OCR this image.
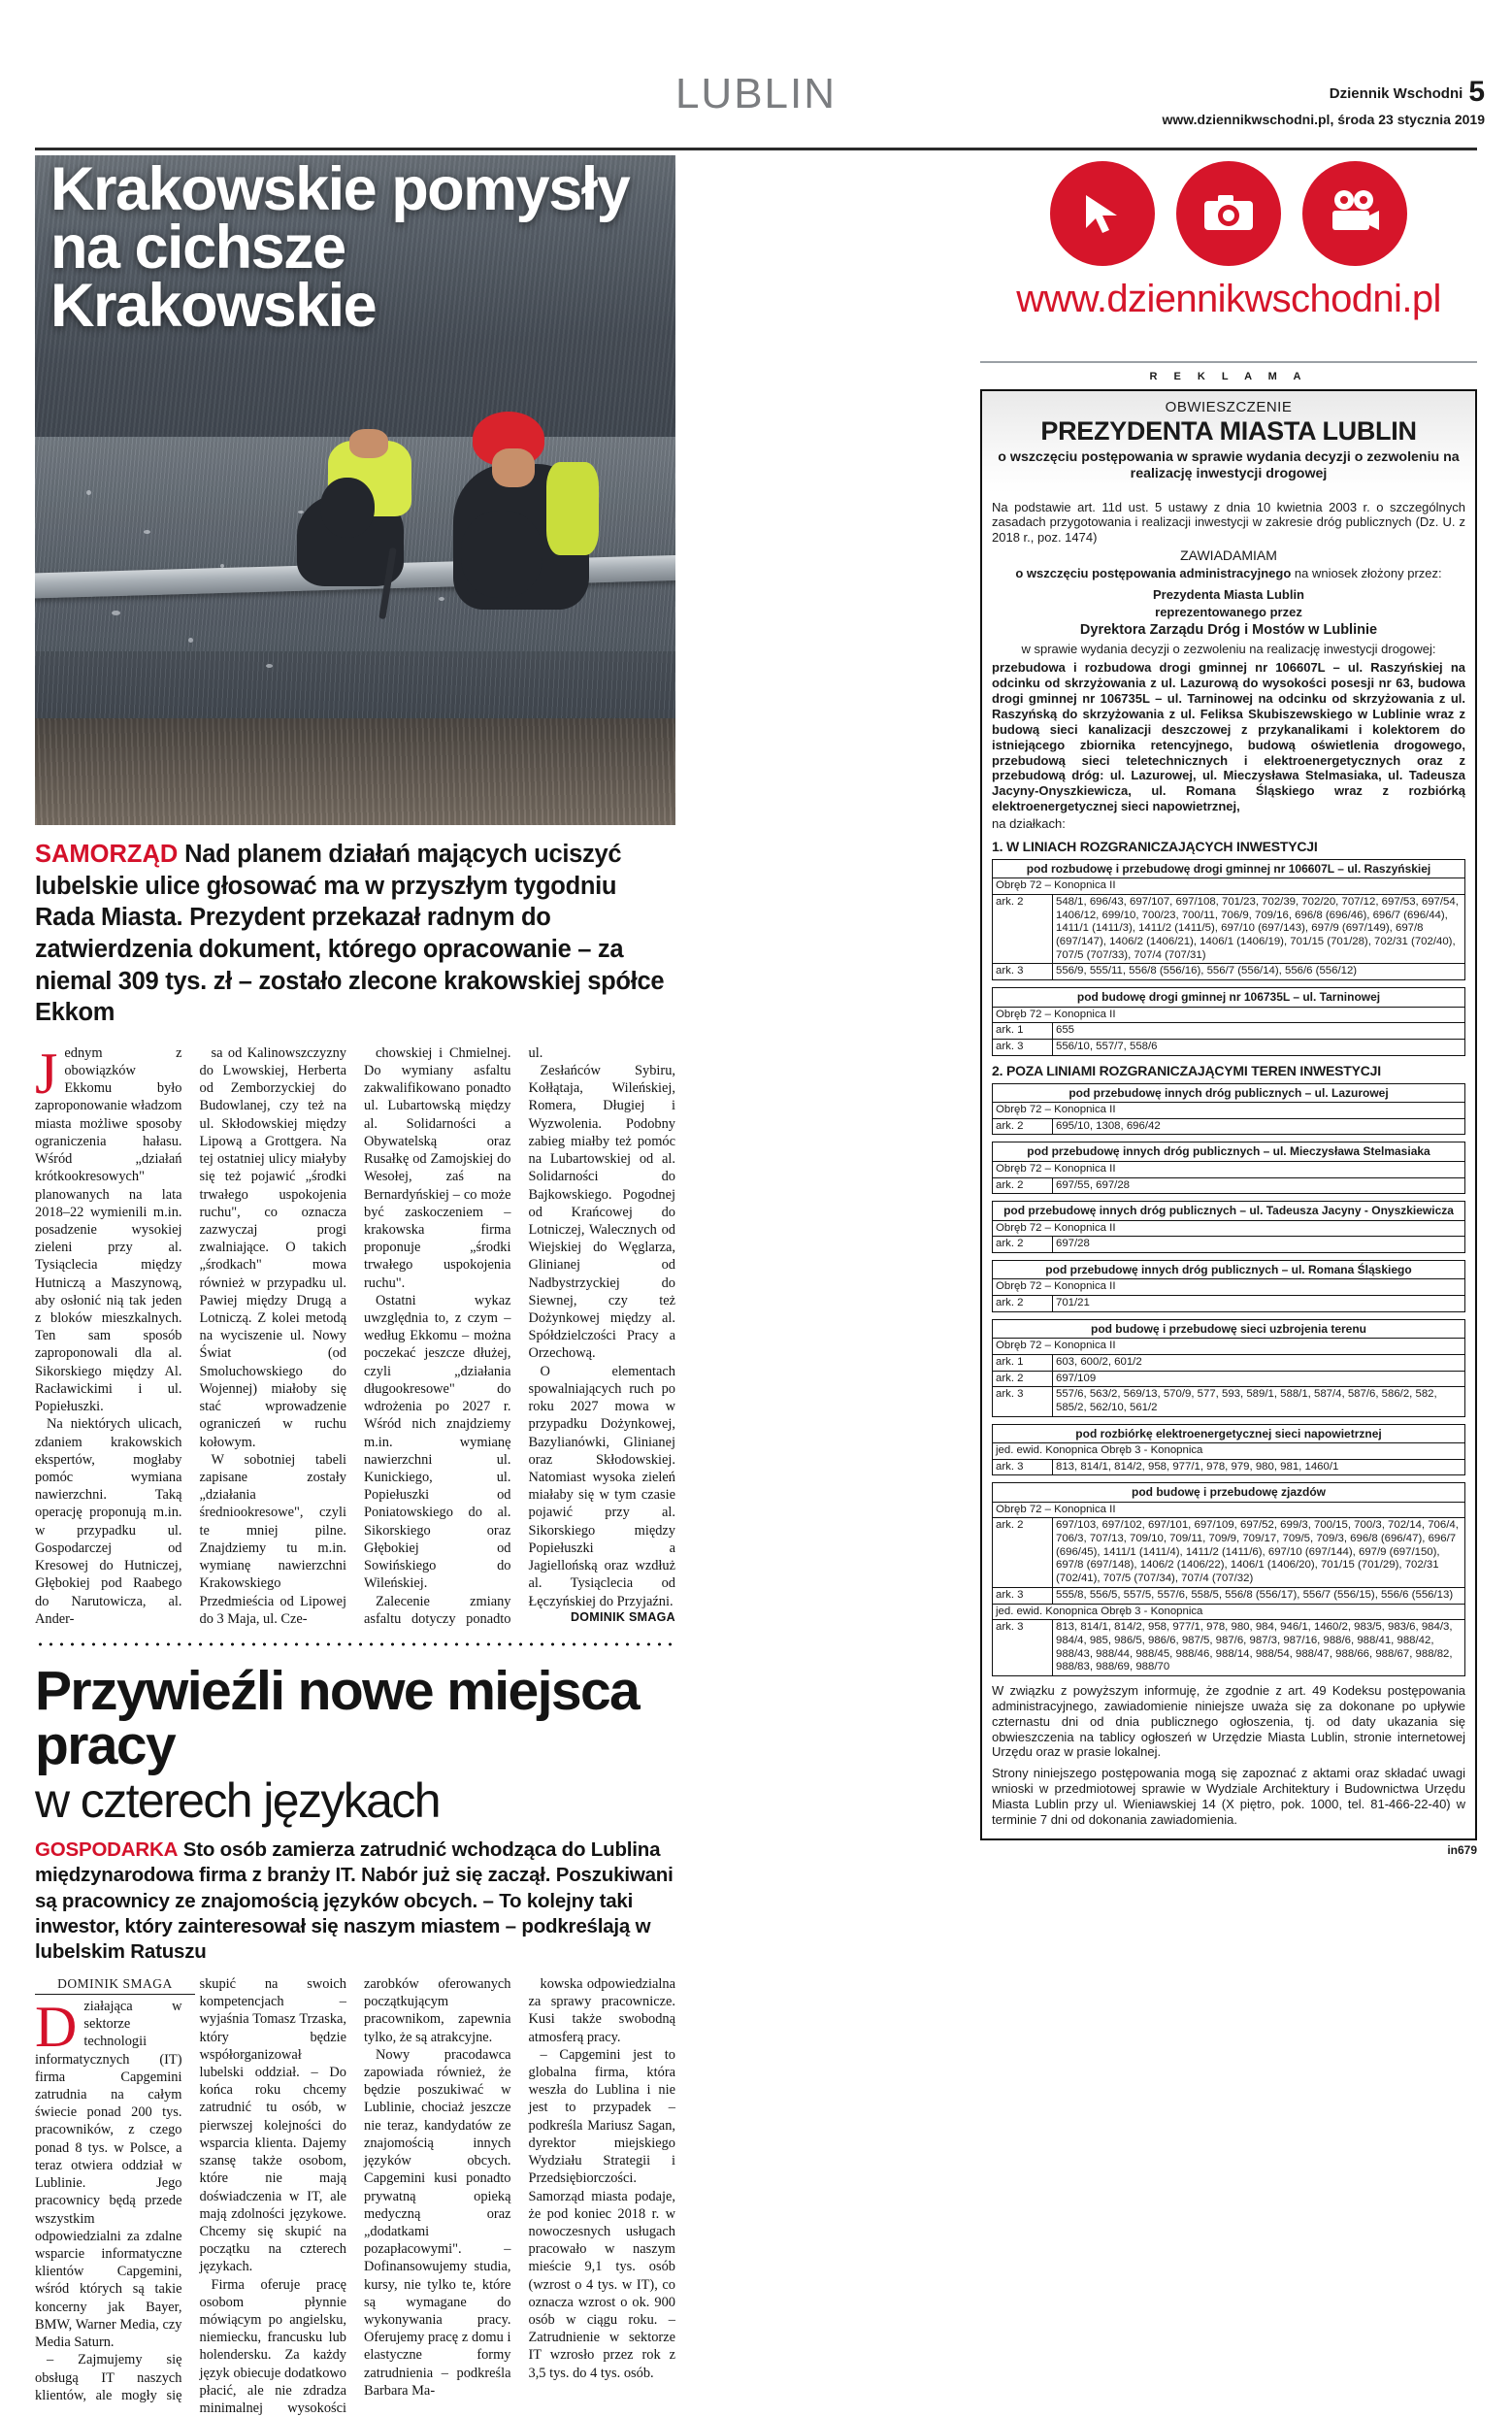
LUBLIN	Dziennik Wschodni 5
www.dziennikwschodni.pl, środa 23 stycznia 2019
Krakowskie pomysły
na cichsze Krakowskie
SAMORZĄD Nad planem działań mających uciszyć lubelskie ulice głosować ma w przyszłym tygodniu Rada Miasta. Prezydent przekazał radnym do zatwierdzenia dokument, którego opracowanie – za niemal 309 tys. zł – zostało zlecone krakowskiej spółce Ekkom

Jednym z obowiązków Ekkomu było zaproponowanie władzom miasta możliwe sposoby ograniczenia hałasu. Wśród „działań krótkookresowych" planowanych na lata 2018–22 wymienili m.in. posadzenie wysokiej zieleni przy al. Tysiąclecia między Hutniczą a Maszynową, aby osłonić nią tak jeden z bloków mieszkalnych. Ten sam sposób zaproponowali dla al. Sikorskiego między Al. Racławickimi i ul. Popiełuszki.

Na niektórych ulicach, zdaniem krakowskich ekspertów, mogłaby pomóc wymiana nawierzchni. Taką operację proponują m.in. w przypadku ul. Gospodarczej od Kresowej do Hutniczej, Głębokiej pod Raabego do Narutowicza, al. Ander-

sa od Kalinowszczyzny do Lwowskiej, Herberta od Zemborzyckiej do Budowlanej, czy też na ul. Skłodowskiej między Lipową a Grottgera. Na tej ostatniej ulicy miałyby się też pojawić „środki trwałego uspokojenia ruchu", co oznacza zazwyczaj progi zwalniające. O takich „środkach" mowa również w przypadku ul. Pawiej między Drugą a Lotniczą. Z kolei metodą na wyciszenie ul. Nowy Świat (od Smoluchowskiego do Wojennej) miałoby się stać wprowadzenie ograniczeń w ruchu kołowym.

W sobotniej tabeli zapisane zostały „działania średniookresowe", czyli te mniej pilne. Znajdziemy tu m.in. wymianę nawierzchni Krakowskiego Przedmieścia od Lipowej do 3 Maja, ul. Cze-

chowskiej i Chmielnej. Do wymiany asfaltu zakwalifikowano ponadto ul. Lubartowską między al. Solidarności a Obywatelską oraz Rusałkę od Zamojskiej do Wesołej, zaś na Bernardyńskiej – co może być zaskoczeniem – krakowska firma proponuje „środki trwałego uspokojenia ruchu".

Ostatni wykaz uwzględnia to, z czym – według Ekkomu – można poczekać jeszcze dłużej, czyli „działania długookresowe" do wdrożenia po 2027 r. Wśród nich znajdziemy m.in. wymianę nawierzchni ul. Kunickiego, ul. Popiełuszki od Poniatowskiego do al. Sikorskiego oraz Głębokiej od Sowińskiego do Wileńskiej.

Zalecenie zmiany asfaltu dotyczy ponadto ul.

Zesłańców Sybiru, Kołłątaja, Wileńskiej, Romera, Długiej i Wyzwolenia. Podobny zabieg miałby też pomóc na Lubartowskiej od al. Solidarności do Bajkowskiego. Pogodnej od Krańcowej do Lotniczej, Walecznych od Wiejskiej do Węglarza, Glinianej od Nadbystrzyckiej do Siewnej, czy też Dożynkowej między al. Spółdzielczości Pracy a Orzechową.

O elementach spowalniających ruch po roku 2027 mowa w przypadku Dożynkowej, Bazylianówki, Glinianej oraz Skłodowskiej. Natomiast wysoka zieleń miałaby się w tym czasie pojawić przy al. Sikorskiego między Popiełuszki a Jagiellońską oraz wzdłuż al. Tysiąclecia od Łęczyńskiej do Przyjaźni.

DOMINIK SMAGA

Przywieźli nowe miejsca pracy
w czterech językach
GOSPODARKA Sto osób zamierza zatrudnić wchodząca do Lublina międzynarodowa firma z branży IT. Nabór już się zaczął. Poszukiwani są pracownicy ze znajomością języków obcych. – To kolejny taki inwestor, który zainteresował się naszym miastem – podkreślają w lubelskim Ratuszu
DOMINIK SMAGA

Działająca w sektorze technologii informatycznych (IT) firma Capgemini zatrudnia na całym świecie ponad 200 tys. pracowników, z czego ponad 8 tys. w Polsce, a teraz otwiera oddział w Lublinie. Jego pracownicy będą przede wszystkim odpowiedzialni za zdalne wsparcie informatyczne klientów Capgemini, wśród których są takie koncerny jak Bayer, BMW, Warner Media, czy Media Saturn.

– Zajmujemy się obsługą IT naszych klientów, ale mogły się skupić na swoich kompetencjach – wyjaśnia Tomasz Trzaska, który będzie współorganizował lubelski oddział. – Do końca roku chcemy zatrudnić tu osób, w pierwszej kolejności do wsparcia klienta. Dajemy szansę także osobom, które nie mają doświadczenia w IT, ale mają zdolności językowe. Chcemy się skupić na początku na czterech językach.

Firma oferuje pracę osobom płynnie mówiącym po angielsku, niemiecku, francusku lub holendersku. Za każdy język obiecuje dodatkowo płacić, ale nie zdradza minimalnej wysokości zarobków oferowanych początkującym pracownikom, zapewnia tylko, że są atrakcyjne.

Nowy pracodawca zapowiada również, że będzie poszukiwać w Lublinie, chociaż jeszcze nie teraz, kandydatów ze znajomością innych języków obcych. Capgemini kusi ponadto prywatną opieką medyczną oraz „dodatkami pozapłacowymi". – Dofinansowujemy studia, kursy, nie tylko te, które są wymagane do wykonywania pracy. Oferujemy pracę z domu i elastyczne formy zatrudnienia – podkreśla Barbara Ma-

kowska odpowiedzialna za sprawy pracownicze. Kusi także swobodną atmosferą pracy.

– Capgemini jest to globalna firma, która weszła do Lublina i nie jest to przypadek – podkreśla Mariusz Sagan, dyrektor miejskiego Wydziału Strategii i Przedsiębiorczości. Samorząd miasta podaje, że pod koniec 2018 r. w nowoczesnych usługach pracowało w naszym mieście 9,1 tys. osób (wzrost o 4 tys. w IT), co oznacza wzrost o ok. 900 osób w ciągu roku. – Zatrudnienie w sektorze IT wzrosło przez rok z 3,5 tys. do 4 tys. osób.

www.dziennikwschodni.pl
R E K L A M A
OBWIESZCZENIE
PREZYDENTA MIASTA LUBLIN
o wszczęciu postępowania w sprawie wydania decyzji o zezwoleniu na realizację inwestycji drogowej

Na podstawie art. 11d ust. 5 ustawy z dnia 10 kwietnia 2003 r. o szczególnych zasadach przygotowania i realizacji inwestycji w zakresie dróg publicznych (Dz. U. z 2018 r., poz. 1474)

ZAWIADAMIAM

o wszczęciu postępowania administracyjnego na wniosek złożony przez:

Prezydenta Miasta Lublin

reprezentowanego przez

Dyrektora Zarządu Dróg i Mostów w Lublinie

w sprawie wydania decyzji o zezwoleniu na realizację inwestycji drogowej:

przebudowa i rozbudowa drogi gminnej nr 106607L – ul. Raszyńskiej na odcinku od skrzyżowania z ul. Lazurową do wysokości posesji nr 63, budowa drogi gminnej nr 106735L – ul. Tarninowej na odcinku od skrzyżowania z ul. Raszyńską do skrzyżowania z ul. Feliksa Skubiszewskiego w Lublinie wraz z budową sieci kanalizacji deszczowej z przykanalikami i kolektorem do istniejącego zbiornika retencyjnego, budową oświetlenia drogowego, przebudową sieci teletechnicznych i elektroenergetycznych oraz z przebudową dróg: ul. Lazurowej, ul. Mieczysława Stelmasiaka, ul. Tadeusza Jacyny-Onyszkiewicza, ul. Romana Śląskiego wraz z rozbiórką elektroenergetycznej sieci napowietrznej,

na działkach:

1. W LINIACH ROZGRANICZAJĄCYCH INWESTYCJI
pod rozbudowę i przebudowę drogi gminnej nr 106607L – ul. Raszyńskiej	
Obręb 72 – Konopnica II	
ark. 2	548/1, 696/43, 697/107, 697/108, 701/23, 702/39, 702/20, 707/12, 697/53, 697/54, 1406/12, 699/10, 700/23, 700/11, 706/9, 709/16, 696/8 (696/46), 696/7 (696/44), 1411/1 (1411/3), 1411/2 (1411/5), 697/10 (697/143), 697/9 (697/149), 697/8 (697/147), 1406/2 (1406/21), 1406/1 (1406/19), 701/15 (701/28), 702/31 (702/40), 707/5 (707/33), 707/4 (707/31)
ark. 3	556/9, 555/11, 556/8 (556/16), 556/7 (556/14), 556/6 (556/12)
pod budowę drogi gminnej nr 106735L – ul. Tarninowej	
Obręb 72 – Konopnica II	
ark. 1	655
ark. 3	556/10, 557/7, 558/6
2. POZA LINIAMI ROZGRANICZAJĄCYMI TEREN INWESTYCJI
pod przebudowę innych dróg publicznych – ul. Lazurowej
Obręb 72 – Konopnica II
ark. 2	695/10, 1308, 696/42
pod przebudowę innych dróg publicznych – ul. Mieczysława Stelmasiaka
Obręb 72 – Konopnica II
ark. 2	697/55, 697/28
pod przebudowę innych dróg publicznych – ul. Tadeusza Jacyny - Onyszkiewicza
Obręb 72 – Konopnica II
ark. 2	697/28
pod przebudowę innych dróg publicznych – ul. Romana Śląskiego
Obręb 72 – Konopnica II
ark. 2	701/21
pod budowę i przebudowę sieci uzbrojenia terenu	
Obręb 72 – Konopnica II	
ark. 1	603, 600/2, 601/2
ark. 2	697/109
ark. 3	557/6, 563/2, 569/13, 570/9, 577, 593, 589/1, 588/1, 587/4, 587/6, 586/2, 582, 585/2, 562/10, 561/2
pod rozbiórkę elektroenergetycznej sieci napowietrznej
jed. ewid. Konopnica Obręb 3 - Konopnica
ark. 3	813, 814/1, 814/2, 958, 977/1, 978, 979, 980, 981, 1460/1
pod budowę i przebudowę zjazdów	
Obręb 72 – Konopnica II	
ark. 2	697/103, 697/102, 697/101, 697/109, 697/52, 699/3, 700/15, 700/3, 702/14, 706/4, 706/3, 707/13, 709/10, 709/11, 709/9, 709/17, 709/5, 709/3, 696/8 (696/47), 696/7 (696/45), 1411/1 (1411/4), 1411/2 (1411/6), 697/10 (697/144), 697/9 (697/150), 697/8 (697/148), 1406/2 (1406/22), 1406/1 (1406/20), 701/15 (701/29), 702/31 (702/41), 707/5 (707/34), 707/4 (707/32)
ark. 3	555/8, 556/5, 557/5, 557/6, 558/5, 556/8 (556/17), 556/7 (556/15), 556/6 (556/13)
jed. ewid. Konopnica Obręb 3 - Konopnica	
ark. 3	813, 814/1, 814/2, 958, 977/1, 978, 980, 984, 946/1, 1460/2, 983/5, 983/6, 984/3, 984/4, 985, 986/5, 986/6, 987/5, 987/6, 987/3, 987/16, 988/6, 988/41, 988/42, 988/43, 988/44, 988/45, 988/46, 988/14, 988/54, 988/47, 988/66, 988/67, 988/82, 988/83, 988/69, 988/70

W związku z powyższym informuję, że zgodnie z art. 49 Kodeksu postępowania administracyjnego, zawiadomienie niniejsze uważa się za dokonane po upływie czternastu dni od dnia publicznego ogłoszenia, tj. od daty ukazania się obwieszczenia na tablicy ogłoszeń w Urzędzie Miasta Lublin, stronie internetowej Urzędu oraz w prasie lokalnej.

Strony niniejszego postępowania mogą się zapoznać z aktami oraz składać uwagi wnioski w przedmiotowej sprawie w Wydziale Architektury i Budownictwa Urzędu Miasta Lublin przy ul. Wieniawskiej 14 (X piętro, pok. 1000, tel. 81-466-22-40) w terminie 7 dni od dokonania zawiadomienia.

in679
